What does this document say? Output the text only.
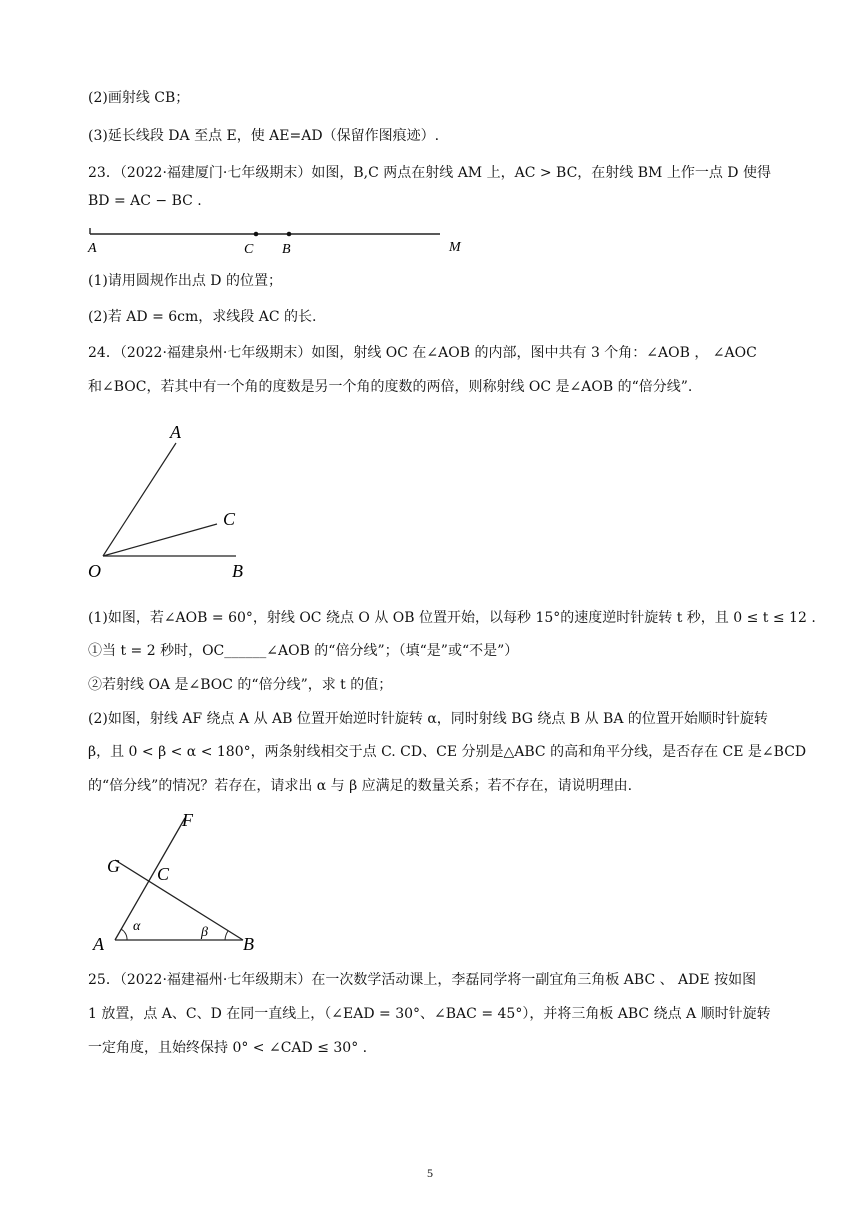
(2)画射线 CB；
(3)延长线段 DA 至点 E，使 AE=AD（保留作图痕迹）.
23．（2022·福建厦门·七年级期末）如图，B,C 两点在射线 AM 上，AC > BC，在射线 BM 上作一点 D 使得
BD = AC − BC .
A	C B	M
(1)请用圆规作出点 D 的位置；
(2)若 AD = 6cm，求线段 AC 的长.
24．（2022·福建泉州·七年级期末）如图，射线 OC 在∠AOB 的内部，图中共有 3 个角：∠AOB ， ∠AOC
和∠BOC，若其中有一个角的度数是另一个角的度数的两倍，则称射线 OC 是∠AOB 的“倍分线”.
A
C
O	B
(1)如图，若∠AOB = 60°，射线 OC 绕点 O 从 OB 位置开始，以每秒 15°的速度逆时针旋转 t 秒，且 0 ≤ t ≤ 12 .
①当 t = 2 秒时，OC______∠AOB 的“倍分线”；（填“是”或“不是”）
②若射线 OA 是∠BOC 的“倍分线”，求 t 的值；
(2)如图，射线 AF 绕点 A 从 AB 位置开始逆时针旋转 α，同时射线 BG 绕点 B 从 BA 的位置开始顺时针旋转
β，且 0 < β < α < 180°，两条射线相交于点 C. CD、CE 分别是△ABC 的高和角平分线，是否存在 CE 是∠BCD
的“倍分线”的情况？若存在，请求出 α 与 β 应满足的数量关系；若不存在，请说明理由.
F
G C
A	B
α	β
25．（2022·福建福州·七年级期末）在一次数学活动课上，李磊同学将一副宜角三角板 ABC 、 ADE 按如图
1 放置，点 A、C、D 在同一直线上，（∠EAD = 30°、∠BAC = 45°），并将三角板 ABC 绕点 A 顺时针旋转
一定角度，且始终保持 0° < ∠CAD ≤ 30° .
5
